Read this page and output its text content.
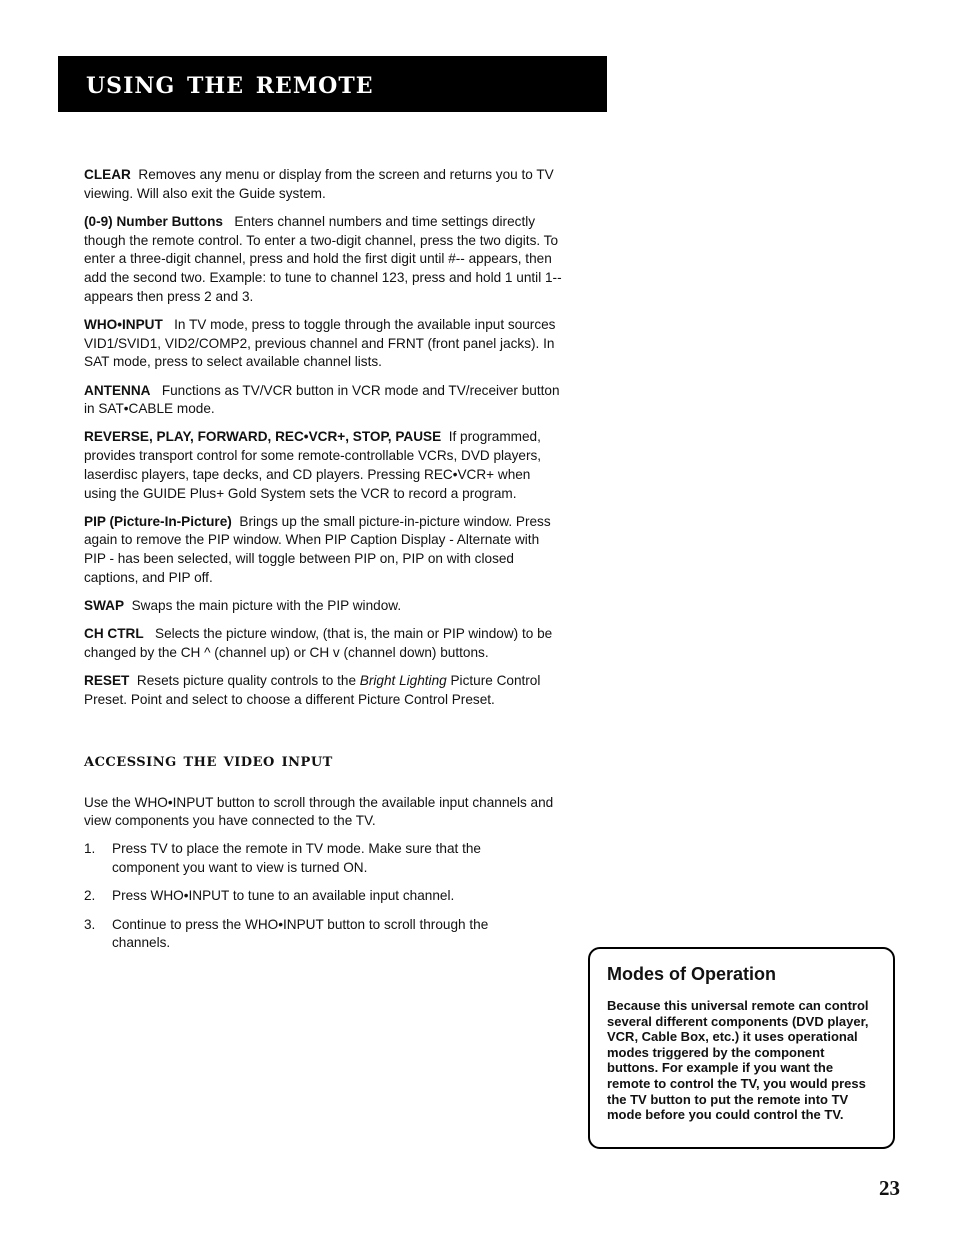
using the remote

CLEAR Removes any menu or display from the screen and returns you to TV viewing. Will also exit the Guide system.

(0-9) Number Buttons Enters channel numbers and time settings directly though the remote control. To enter a two-digit channel, press the two digits. To enter a three-digit channel, press and hold the first digit until #-- appears, then add the second two. Example: to tune to channel 123, press and hold 1 until 1-- appears then press 2 and 3.

WHO•INPUT In TV mode, press to toggle through the available input sources VID1/SVID1, VID2/COMP2, previous channel and FRNT (front panel jacks). In SAT mode, press to select available channel lists.

ANTENNA Functions as TV/VCR button in VCR mode and TV/receiver button in SAT•CABLE mode.

REVERSE, PLAY, FORWARD, REC•VCR+, STOP, PAUSE If programmed, provides transport control for some remote-controllable VCRs, DVD players, laserdisc players, tape decks, and CD players. Pressing REC•VCR+ when using the GUIDE Plus+ Gold System sets the VCR to record a program.

PIP (Picture-In-Picture) Brings up the small picture-in-picture window. Press again to remove the PIP window. When PIP Caption Display - Alternate with PIP - has been selected, will toggle between PIP on, PIP on with closed captions, and PIP off.

SWAP Swaps the main picture with the PIP window.

CH CTRL Selects the picture window, (that is, the main or PIP window) to be changed by the CH ^ (channel up) or CH v (channel down) buttons.

RESET Resets picture quality controls to the Bright Lighting Picture Control Preset. Point and select to choose a different Picture Control Preset.

accessing the video input

Use the WHO•INPUT button to scroll through the available input channels and view components you have connected to the TV.

1.	Press TV to place the remote in TV mode. Make sure that the component you want to view is turned ON.
2.	Press WHO•INPUT to tune to an available input channel.
3.	Continue to press the WHO•INPUT button to scroll through the channels.
Modes of Operation

Because this universal remote can control several different components (DVD player, VCR, Cable Box, etc.) it uses operational modes triggered by the component buttons. For example if you want the remote to control the TV, you would press the TV button to put the remote into TV mode before you could control the TV.

23
